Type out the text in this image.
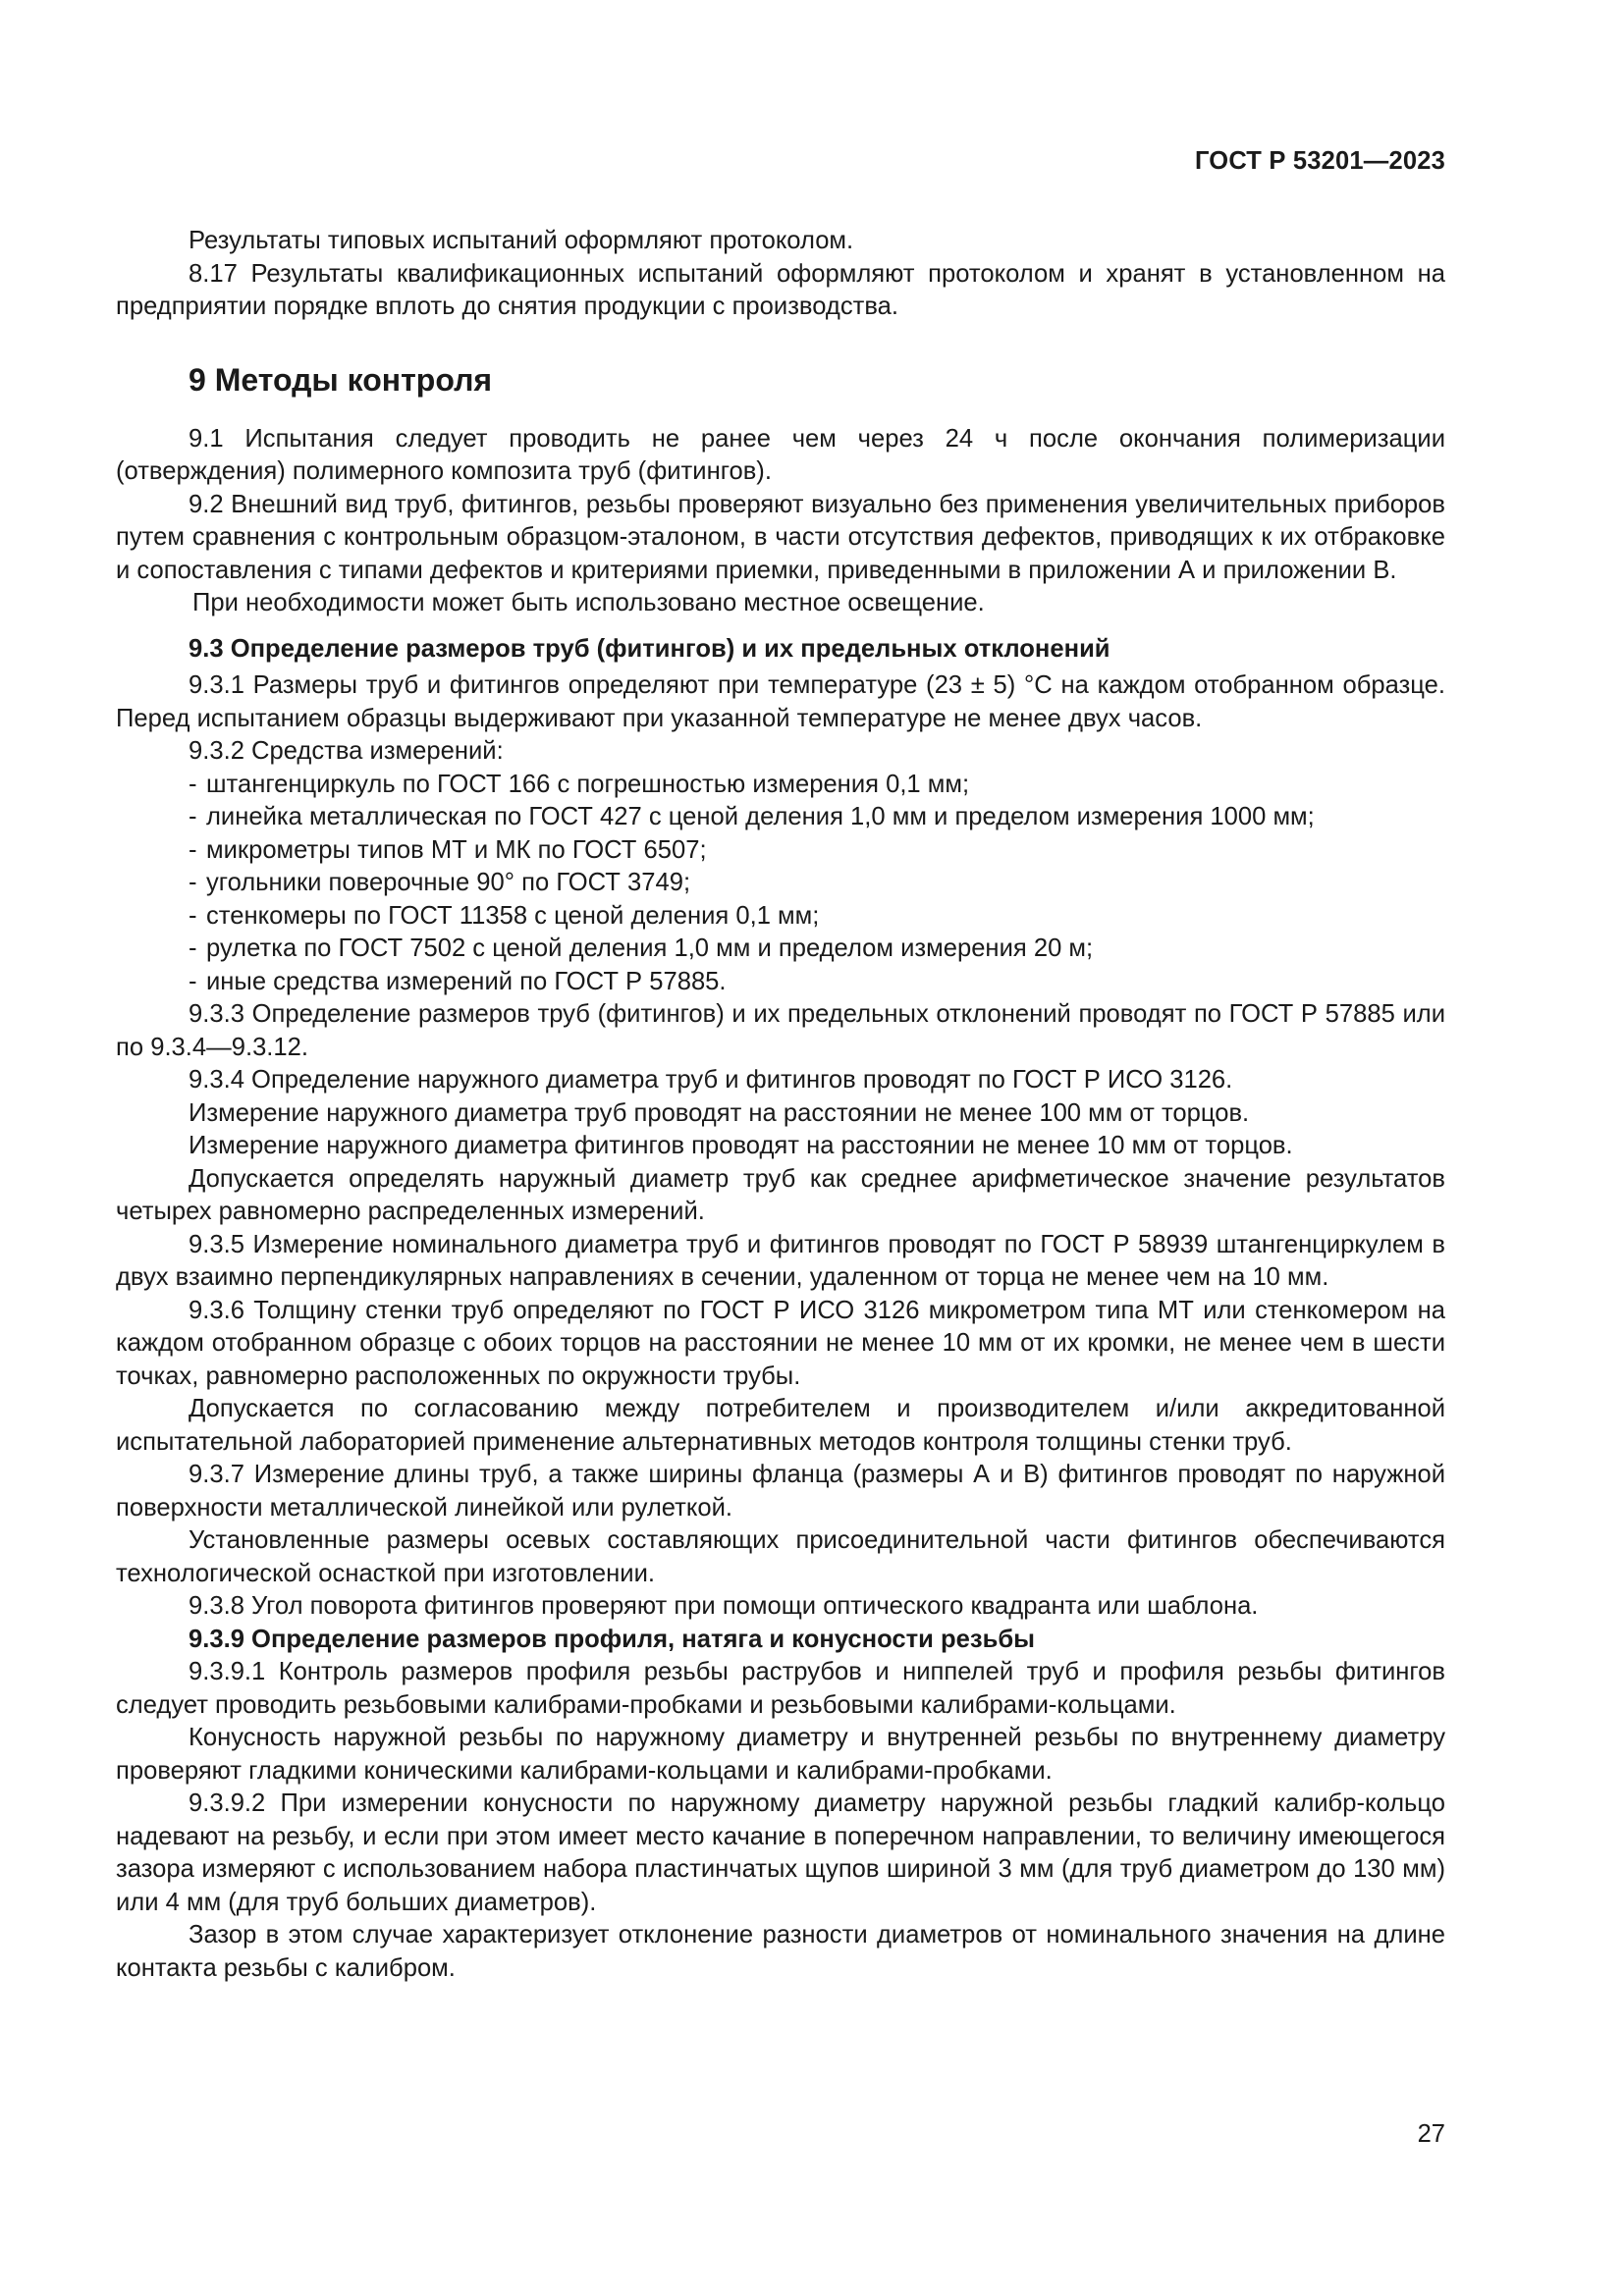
ГОСТ Р 53201—2023

Результаты типовых испытаний оформляют протоколом.

8.17 Результаты квалификационных испытаний оформляют протоколом и хранят в установленном на предприятии порядке вплоть до снятия продукции с производства.

9 Методы контроля

9.1 Испытания следует проводить не ранее чем через 24 ч после окончания полимеризации (отверждения) полимерного композита труб (фитингов).

9.2 Внешний вид труб, фитингов, резьбы проверяют визуально без применения увеличительных приборов путем сравнения с контрольным образцом-эталоном, в части отсутствия дефектов, приводящих к их отбраковке и сопоставления с типами дефектов и критериями приемки, приведенными в приложении А и приложении В.

При необходимости может быть использовано местное освещение.

9.3 Определение размеров труб (фитингов) и их предельных отклонений

9.3.1 Размеры труб и фитингов определяют при температуре (23 ± 5) °С на каждом отобранном образце. Перед испытанием образцы выдерживают при указанной температуре не менее двух часов.

9.3.2 Средства измерений:

- штангенциркуль по ГОСТ 166 с погрешностью измерения 0,1 мм;
- линейка металлическая по ГОСТ 427 с ценой деления 1,0 мм и пределом измерения 1000 мм;
- микрометры типов МТ и МК по ГОСТ 6507;
- угольники поверочные 90° по ГОСТ 3749;
- стенкомеры по ГОСТ 11358 с ценой деления 0,1 мм;
- рулетка по ГОСТ 7502 с ценой деления 1,0 мм и пределом измерения 20 м;
- иные средства измерений по ГОСТ Р 57885.

9.3.3 Определение размеров труб (фитингов) и их предельных отклонений проводят по ГОСТ Р 57885 или по 9.3.4—9.3.12.

9.3.4 Определение наружного диаметра труб и фитингов проводят по ГОСТ Р ИСО 3126.

Измерение наружного диаметра труб проводят на расстоянии не менее 100 мм от торцов.

Измерение наружного диаметра фитингов проводят на расстоянии не менее 10 мм от торцов.

Допускается определять наружный диаметр труб как среднее арифметическое значение результатов четырех равномерно распределенных измерений.

9.3.5 Измерение номинального диаметра труб и фитингов проводят по ГОСТ Р 58939 штангенциркулем в двух взаимно перпендикулярных направлениях в сечении, удаленном от торца не менее чем на 10 мм.

9.3.6 Толщину стенки труб определяют по ГОСТ Р ИСО 3126 микрометром типа МТ или стенкомером на каждом отобранном образце с обоих торцов на расстоянии не менее 10 мм от их кромки, не менее чем в шести точках, равномерно расположенных по окружности трубы.

Допускается по согласованию между потребителем и производителем и/или аккредитованной испытательной лабораторией применение альтернативных методов контроля толщины стенки труб.

9.3.7 Измерение длины труб, а также ширины фланца (размеры А и В) фитингов проводят по наружной поверхности металлической линейкой или рулеткой.

Установленные размеры осевых составляющих присоединительной части фитингов обеспечиваются технологической оснасткой при изготовлении.

9.3.8 Угол поворота фитингов проверяют при помощи оптического квадранта или шаблона.

9.3.9 Определение размеров профиля, натяга и конусности резьбы

9.3.9.1 Контроль размеров профиля резьбы раструбов и ниппелей труб и профиля резьбы фитингов следует проводить резьбовыми калибрами-пробками и резьбовыми калибрами-кольцами.

Конусность наружной резьбы по наружному диаметру и внутренней резьбы по внутреннему диаметру проверяют гладкими коническими калибрами-кольцами и калибрами-пробками.

9.3.9.2 При измерении конусности по наружному диаметру наружной резьбы гладкий калибр-кольцо надевают на резьбу, и если при этом имеет место качание в поперечном направлении, то величину имеющегося зазора измеряют с использованием набора пластинчатых щупов шириной 3 мм (для труб диаметром до 130 мм) или 4 мм (для труб больших диаметров).

Зазор в этом случае характеризует отклонение разности диаметров от номинального значения на длине контакта резьбы с калибром.

27
